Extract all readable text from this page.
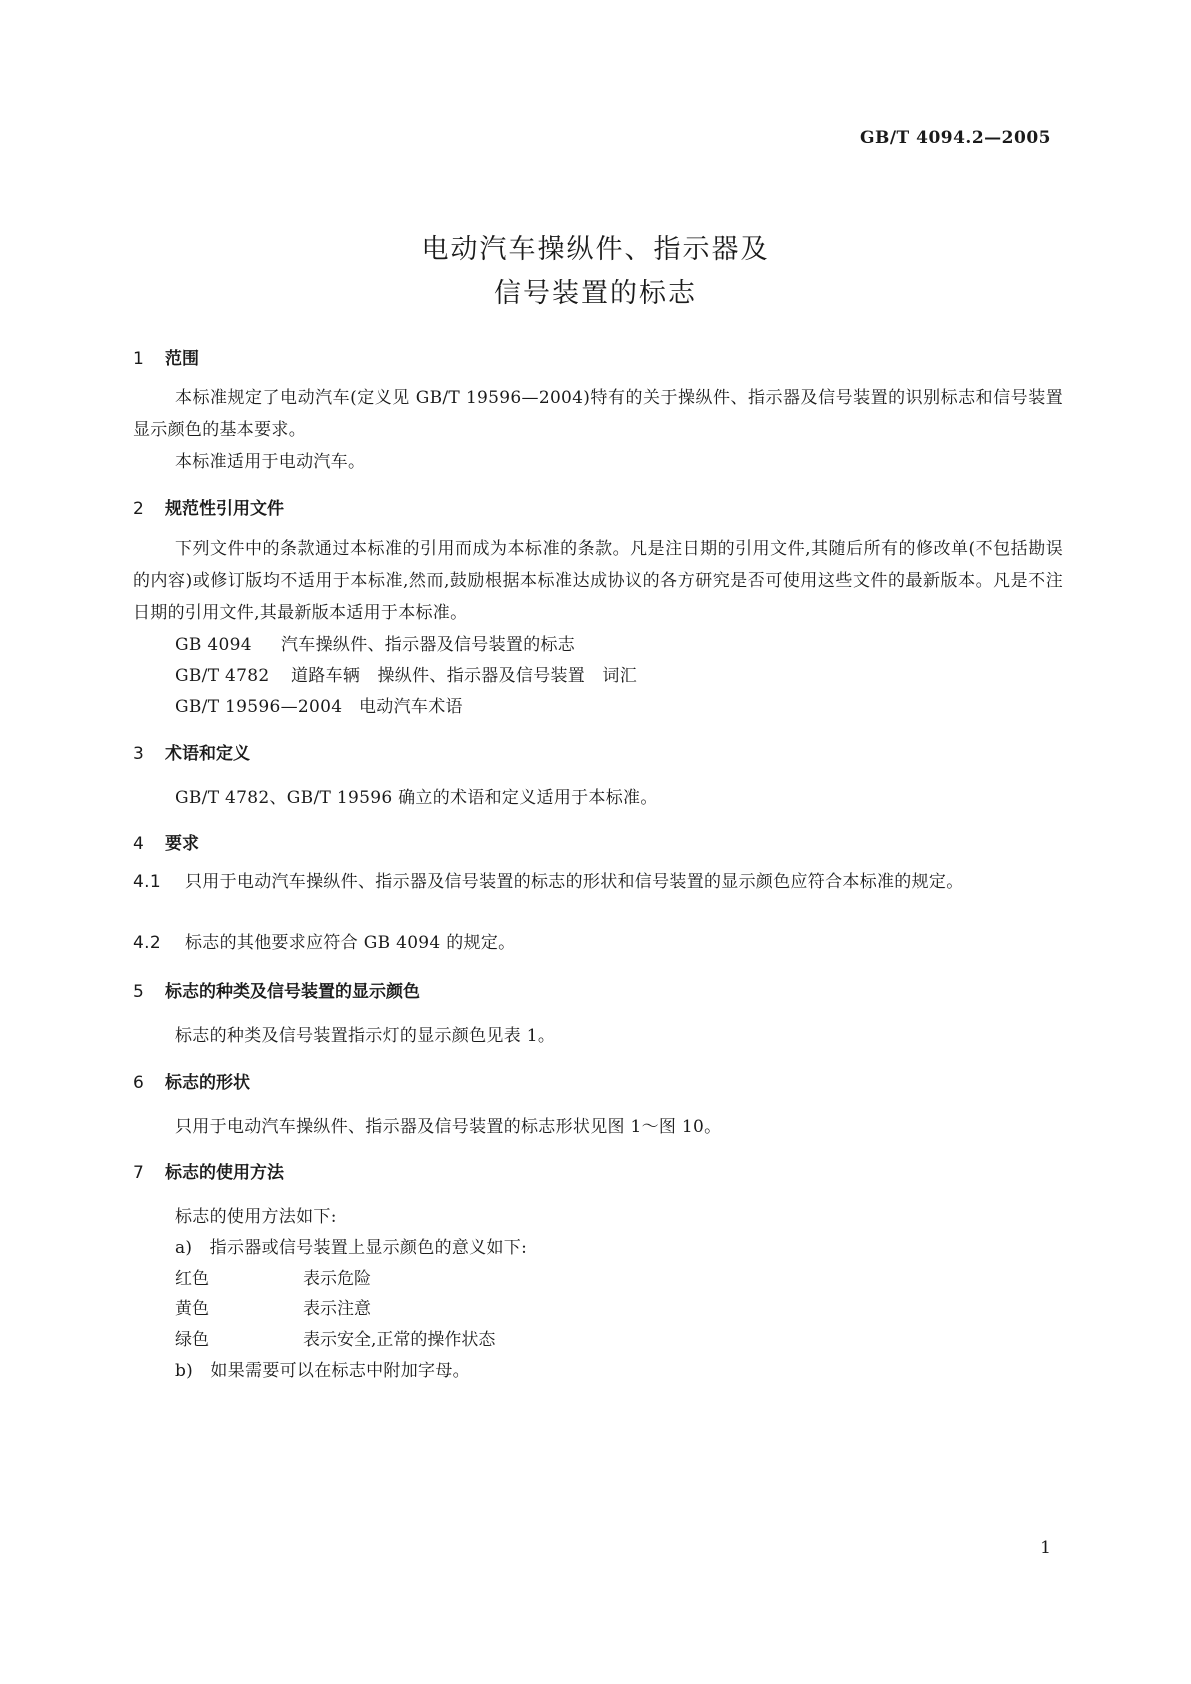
GB/T 4094.2—2005
电动汽车操纵件、指示器及
信号装置的标志
1 范围
本标准规定了电动汽车(定义见 GB/T 19596—2004)特有的关于操纵件、指示器及信号装置的识别标志和信号装置显示颜色的基本要求。
本标准适用于电动汽车。
2 规范性引用文件
下列文件中的条款通过本标准的引用而成为本标准的条款。凡是注日期的引用文件,其随后所有的修改单(不包括勘误的内容)或修订版均不适用于本标准,然而,鼓励根据本标准达成协议的各方研究是否可使用这些文件的最新版本。凡是不注日期的引用文件,其最新版本适用于本标准。
GB 4094 汽车操纵件、指示器及信号装置的标志
GB/T 4782 道路车辆　操纵件、指示器及信号装置　词汇
GB/T 19596—2004 电动汽车术语
3 术语和定义
GB/T 4782、GB/T 19596 确立的术语和定义适用于本标准。
4 要求
4.1 只用于电动汽车操纵件、指示器及信号装置的标志的形状和信号装置的显示颜色应符合本标准的规定。
4.2 标志的其他要求应符合 GB 4094 的规定。
5 标志的种类及信号装置的显示颜色
标志的种类及信号装置指示灯的显示颜色见表 1。
6 标志的形状
只用于电动汽车操纵件、指示器及信号装置的标志形状见图 1～图 10。
7 标志的使用方法
标志的使用方法如下:
a)　指示器或信号装置上显示颜色的意义如下:
红色	表示危险
黄色	表示注意
绿色	表示安全,正常的操作状态
b)　如果需要可以在标志中附加字母。
1
